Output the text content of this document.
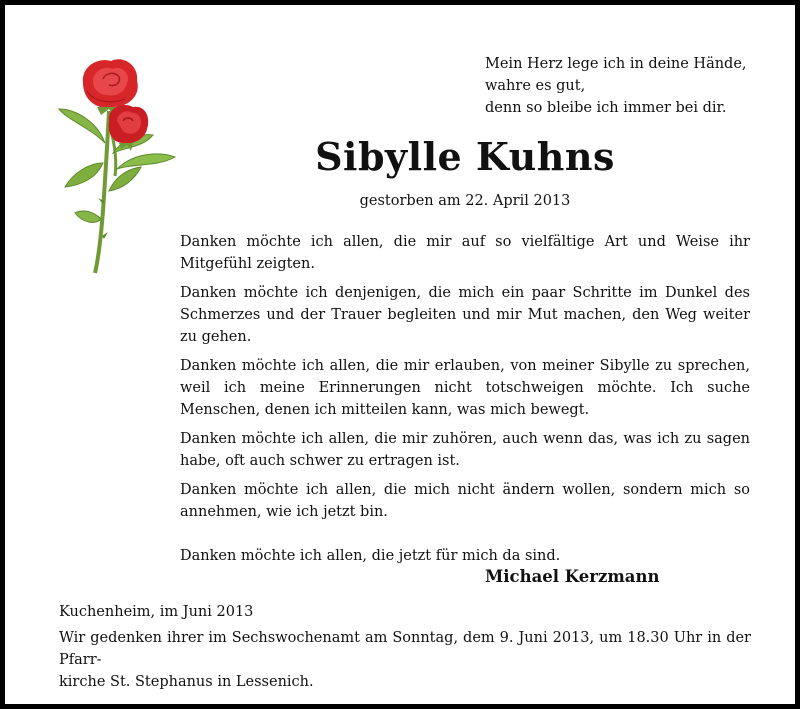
Mein Herz lege ich in deine Hände,
wahre es gut,
denn so bleibe ich immer bei dir.
Sibylle Kuhns
gestorben am 22. April 2013

Danken möchte ich allen, die mir auf so vielfältige Art und Weise ihr Mitgefühl zeigten.

Danken möchte ich denjenigen, die mich ein paar Schritte im Dunkel des Schmerzes und der Trauer begleiten und mir Mut machen, den Weg weiter zu gehen.

Danken möchte ich allen, die mir erlauben, von meiner Sibylle zu sprechen, weil ich meine Erinnerungen nicht totschweigen möchte. Ich suche Menschen, denen ich mitteilen kann, was mich bewegt.

Danken möchte ich allen, die mir zuhören, auch wenn das, was ich zu sagen habe, oft auch schwer zu ertragen ist.

Danken möchte ich allen, die mich nicht ändern wollen, sondern mich so annehmen, wie ich jetzt bin.

Danken möchte ich allen, die jetzt für mich da sind.

Michael Kerzmann
Kuchenheim, im Juni 2013
Wir gedenken ihrer im Sechswochenamt am Sonntag, dem 9. Juni 2013, um 18.30 Uhr in der Pfarr-
kirche St. Stephanus in Lessenich.
